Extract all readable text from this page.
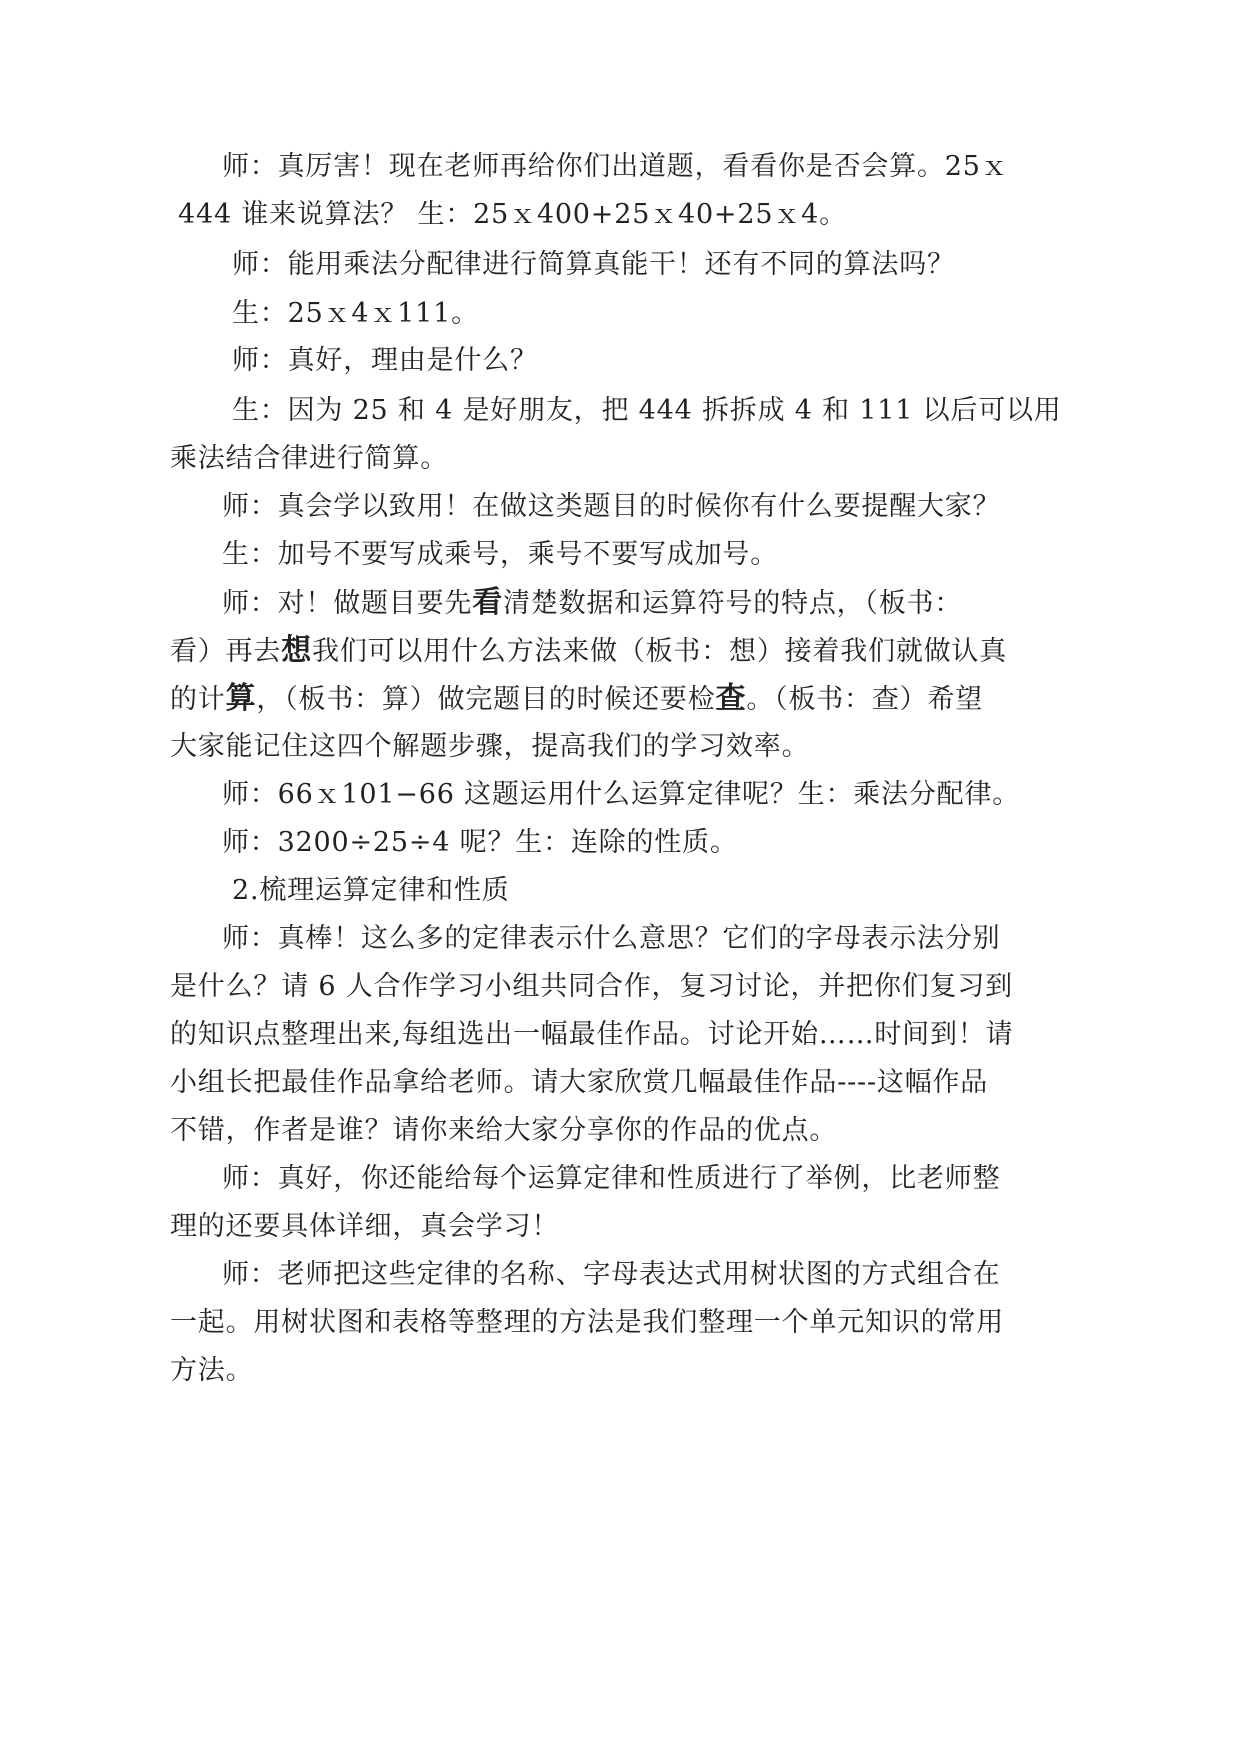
师：真厉害！现在老师再给你们出道题，看看你是否会算。25ｘ
444 谁来说算法？ 生：25ｘ400+25ｘ40+25ｘ4。
师：能用乘法分配律进行简算真能干！还有不同的算法吗？
生：25ｘ4ｘ111。
师：真好，理由是什么？
生：因为 25 和 4 是好朋友，把 444 拆拆成 4 和 111 以后可以用
乘法结合律进行简算。
师：真会学以致用！在做这类题目的时候你有什么要提醒大家？
生：加号不要写成乘号，乘号不要写成加号。
师：对！做题目要先看清楚数据和运算符号的特点，（板书：
看）再去想我们可以用什么方法来做（板书：想）接着我们就做认真
的计算，（板书：算）做完题目的时候还要检查。（板书：查）希望
大家能记住这四个解题步骤，提高我们的学习效率。
师：66ｘ101−66 这题运用什么运算定律呢？生：乘法分配律。
师：3200÷25÷4 呢？生：连除的性质。
2.梳理运算定律和性质
师：真棒！这么多的定律表示什么意思？它们的字母表示法分别
是什么？请 6 人合作学习小组共同合作，复习讨论，并把你们复习到
的知识点整理出来,每组选出一幅最佳作品。讨论开始……时间到！请
小组长把最佳作品拿给老师。请大家欣赏几幅最佳作品----这幅作品
不错，作者是谁？请你来给大家分享你的作品的优点。
师：真好，你还能给每个运算定律和性质进行了举例，比老师整
理的还要具体详细，真会学习！
师：老师把这些定律的名称、字母表达式用树状图的方式组合在
一起。用树状图和表格等整理的方法是我们整理一个单元知识的常用
方法。
